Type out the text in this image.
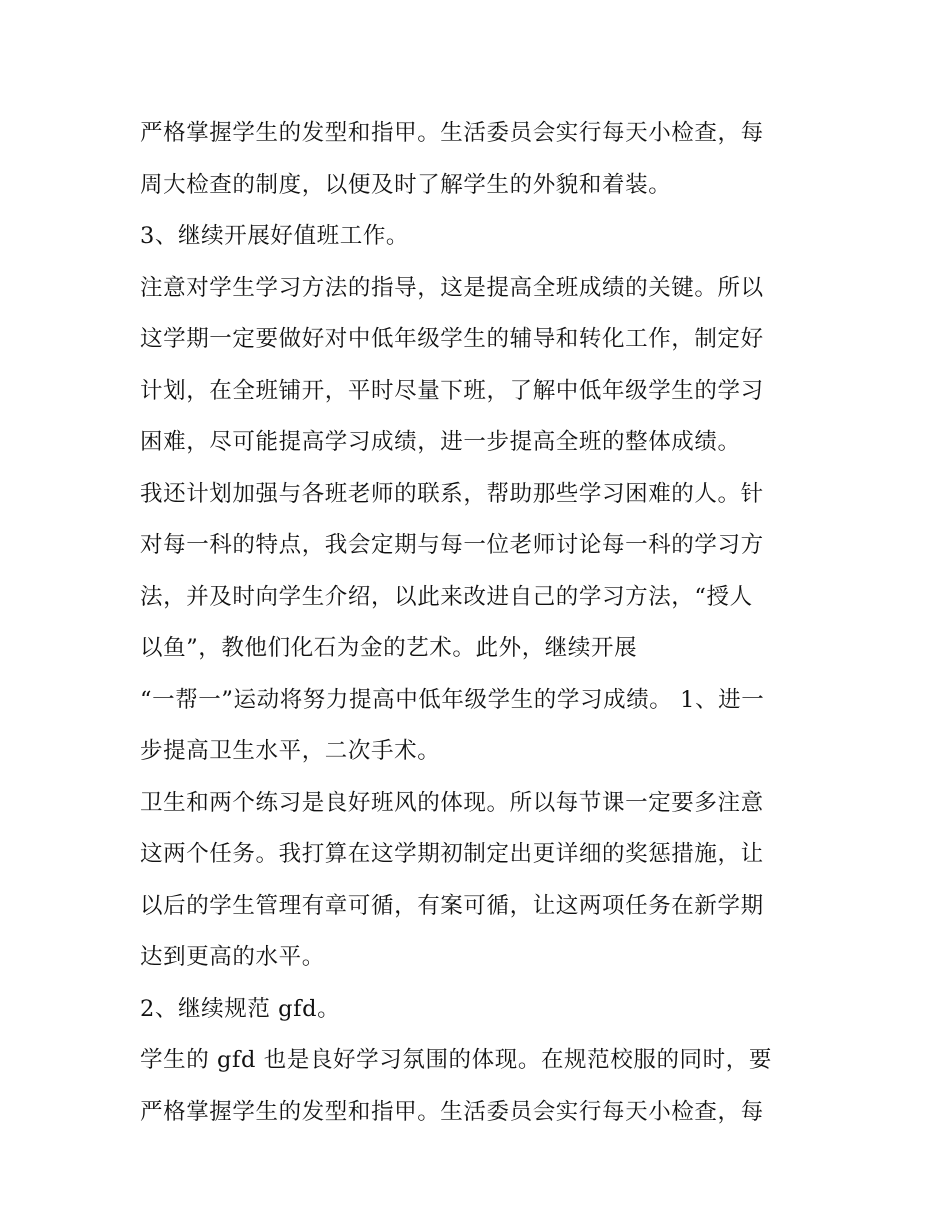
严格掌握学生的发型和指甲。生活委员会实行每天小检查，每
周大检查的制度，以便及时了解学生的外貌和着装。
3、继续开展好值班工作。
注意对学生学习方法的指导，这是提高全班成绩的关键。所以
这学期一定要做好对中低年级学生的辅导和转化工作，制定好
计划，在全班铺开，平时尽量下班，了解中低年级学生的学习
困难，尽可能提高学习成绩，进一步提高全班的整体成绩。
我还计划加强与各班老师的联系，帮助那些学习困难的人。针
对每一科的特点，我会定期与每一位老师讨论每一科的学习方
法，并及时向学生介绍，以此来改进自己的学习方法，“授人
以鱼”，教他们化石为金的艺术。此外，继续开展
“一帮一”运动将努力提高中低年级学生的学习成绩。 1、进一
步提高卫生水平，二次手术。
卫生和两个练习是良好班风的体现。所以每节课一定要多注意
这两个任务。我打算在这学期初制定出更详细的奖惩措施，让
以后的学生管理有章可循，有案可循，让这两项任务在新学期
达到更高的水平。
2、继续规范 gfd。
学生的 gfd 也是良好学习氛围的体现。在规范校服的同时，要
严格掌握学生的发型和指甲。生活委员会实行每天小检查，每
